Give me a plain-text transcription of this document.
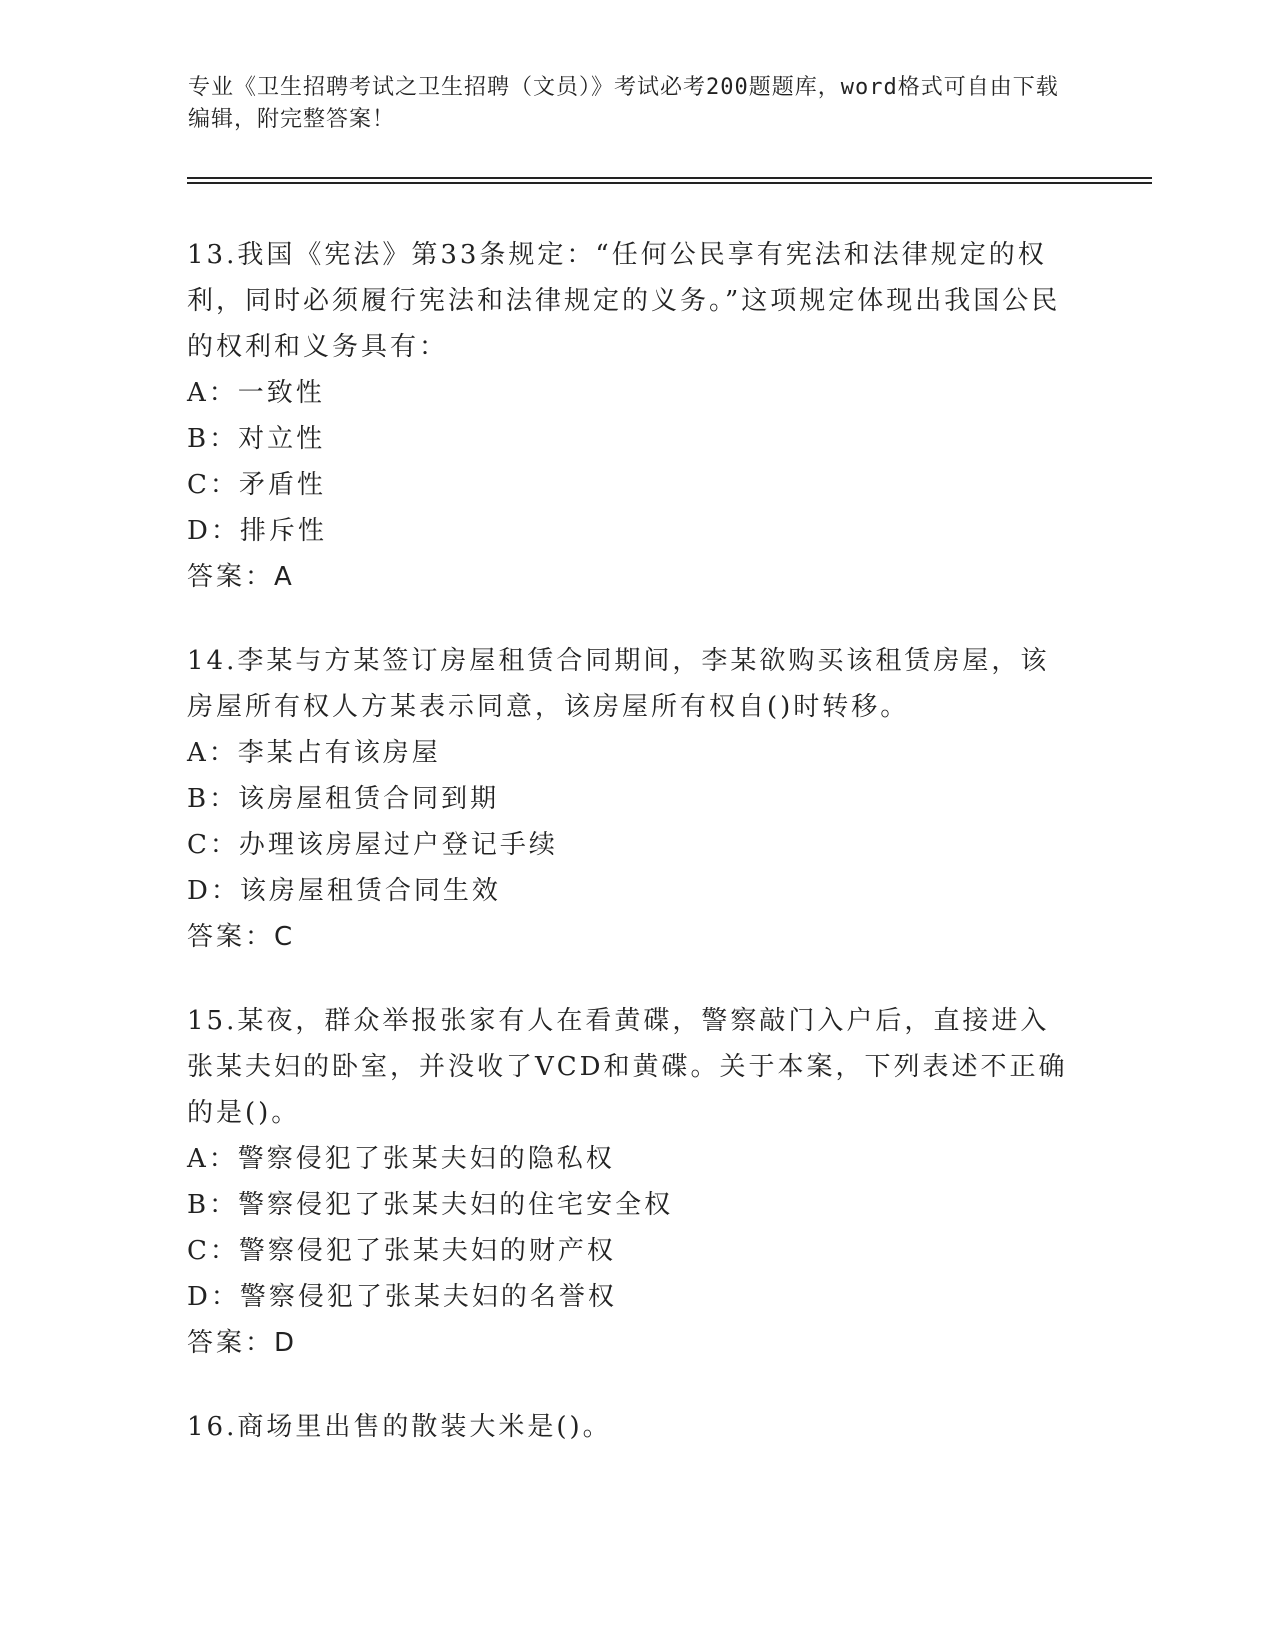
专业《卫生招聘考试之卫生招聘（文员）》考试必考200题题库，word格式可自由下载编辑，附完整答案！
13.我国《宪法》第33条规定：“任何公民享有宪法和法律规定的权利，同时必须履行宪法和法律规定的义务。”这项规定体现出我国公民的权利和义务具有：
A：一致性
B：对立性
C：矛盾性
D：排斥性
答案：A
14.李某与方某签订房屋租赁合同期间，李某欲购买该租赁房屋，该房屋所有权人方某表示同意，该房屋所有权自()时转移。
A：李某占有该房屋
B：该房屋租赁合同到期
C：办理该房屋过户登记手续
D：该房屋租赁合同生效
答案：C
15.某夜，群众举报张家有人在看黄碟，警察敲门入户后，直接进入张某夫妇的卧室，并没收了VCD和黄碟。关于本案，下列表述不正确的是()。
A：警察侵犯了张某夫妇的隐私权
B：警察侵犯了张某夫妇的住宅安全权
C：警察侵犯了张某夫妇的财产权
D：警察侵犯了张某夫妇的名誉权
答案：D
16.商场里出售的散装大米是()。
